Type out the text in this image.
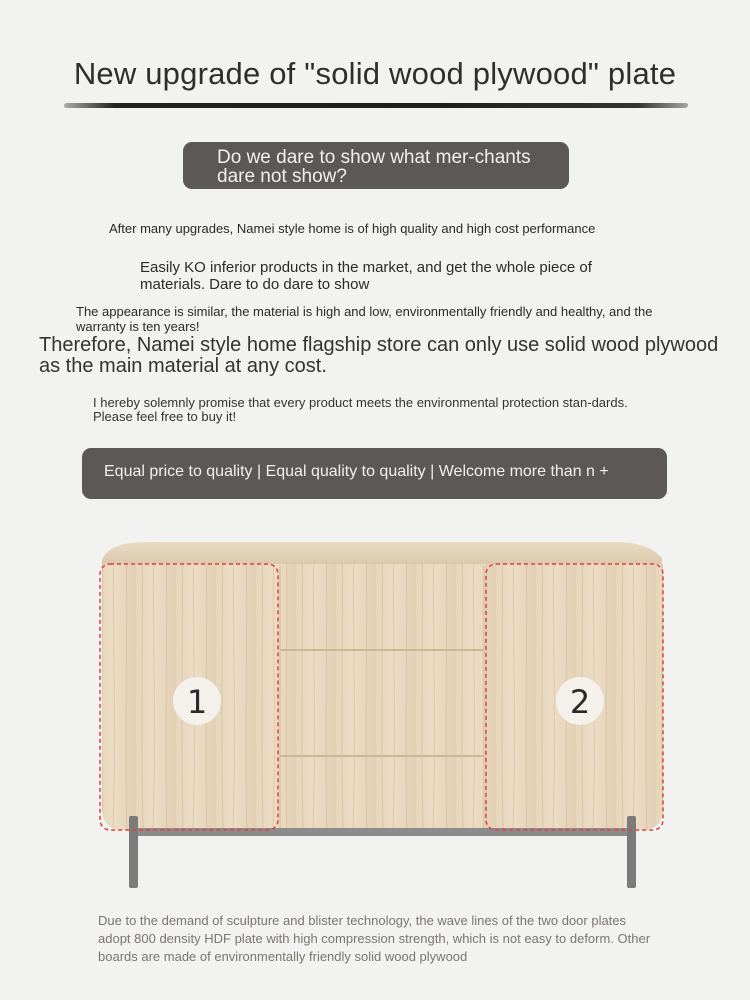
New upgrade of "solid wood plywood" plate
Do we dare to show what mer-chants dare not show?
After many upgrades, Namei style home is of high quality and high cost performance
Easily KO inferior products in the market, and get the whole piece of materials. Dare to do dare to show
The appearance is similar, the material is high and low, environmentally friendly and healthy, and the warranty is ten years!
Therefore, Namei style home flagship store can only use solid wood plywood as the main material at any cost.
I hereby solemnly promise that every product meets the environmental protection stan-dards. Please feel free to buy it!
Equal price to quality | Equal quality to quality | Welcome more than n +
1	2
Due to the demand of sculpture and blister technology, the wave lines of the two door plates adopt 800 density HDF plate with high compression strength, which is not easy to deform. Other boards are made of environmentally friendly solid wood plywood
